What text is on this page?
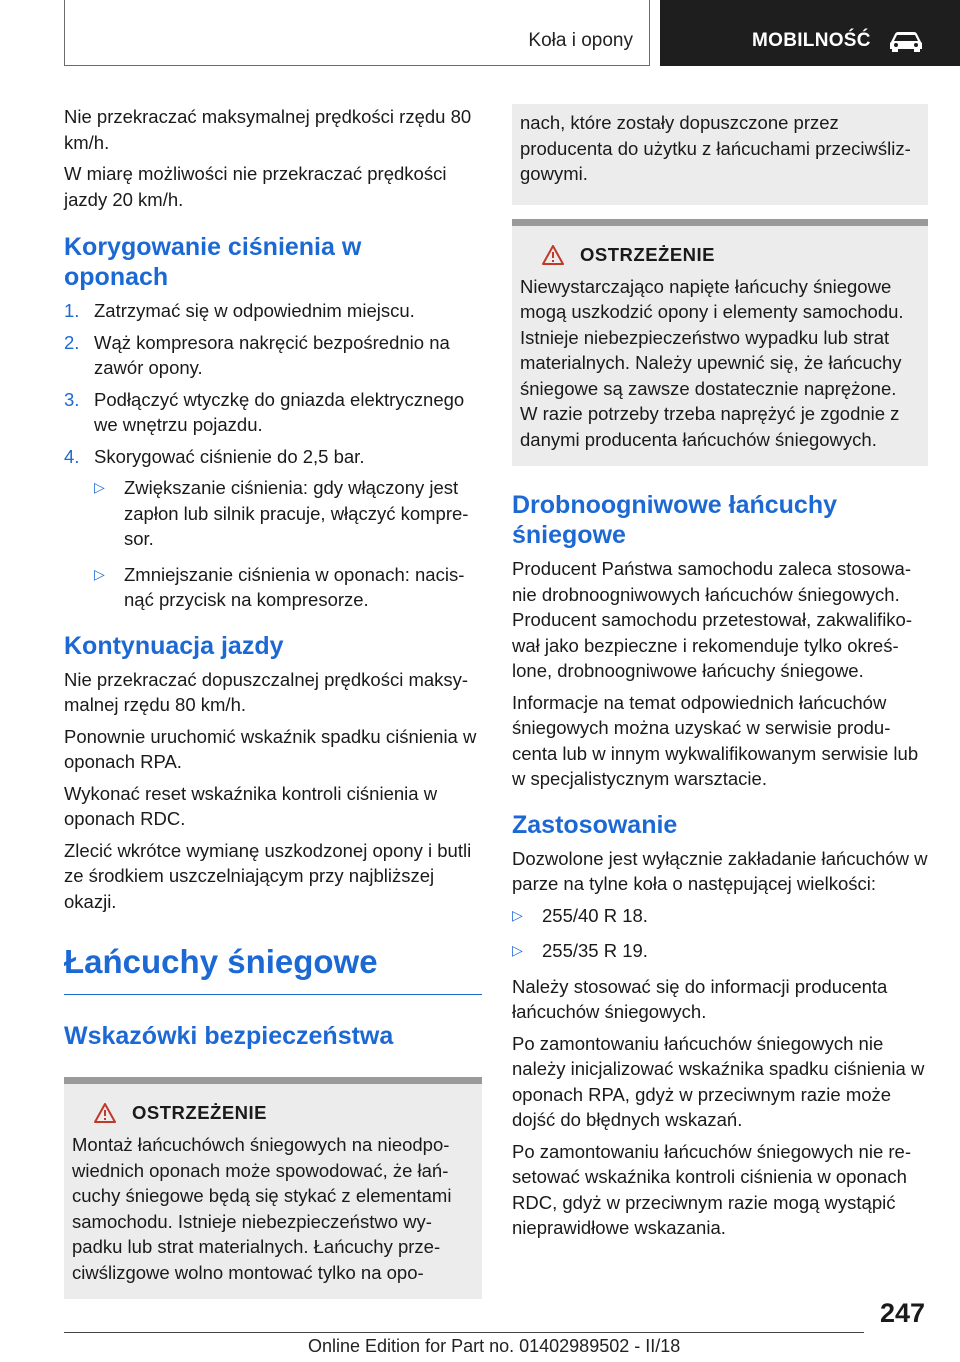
Koła i opony	MOBILNOŚĆ

Nie przekraczać maksymalnej prędkości rzędu 80 km/h.

W miarę możliwości nie przekraczać prędkości jazdy 20 km/h.

Korygowanie ciśnienia w oponach
1. Zatrzymać się w odpowiednim miejscu.
2. Wąż kompresora nakręcić bezpośrednio na zawór opony.
3. Podłączyć wtyczkę do gniazda elektrycznego we wnętrzu pojazdu.
4. Skorygować ciśnienie do 2,5 bar.
▷ Zwiększanie ciśnienia: gdy włączony jest zapłon lub silnik pracuje, włączyć kompre-sor.
▷ Zmniejszanie ciśnienia w oponach: nacis-nąć przycisk na kompresorze.
Kontynuacja jazdy

Nie przekraczać dopuszczalnej prędkości maksy-malnej rzędu 80 km/h.

Ponownie uruchomić wskaźnik spadku ciśnienia w oponach RPA.

Wykonać reset wskaźnika kontroli ciśnienia w oponach RDC.

Zlecić wkrótce wymianę uszkodzonej opony i butli ze środkiem uszczelniającym przy najbliższej okazji.

Łańcuchy śniegowe
Wskazówki bezpieczeństwa
OSTRZEŻENIE
Montaż łańcuchówch śniegowych na nieodpo-wiednich oponach może spowodować, że łań-cuchy śniegowe będą się stykać z elementami samochodu. Istnieje niebezpieczeństwo wy-padku lub strat materialnych. Łańcuchy prze-ciwślizgowe wolno montować tylko na opo-
nach, które zostały dopuszczone przez producenta do użytku z łańcuchami przeciwśliz-gowymi.
OSTRZEŻENIE
Niewystarczająco napięte łańcuchy śniegowe mogą uszkodzić opony i elementy samochodu. Istnieje niebezpieczeństwo wypadku lub strat materialnych. Należy upewnić się, że łańcuchy śniegowe są zawsze dostatecznie naprężone. W razie potrzeby trzeba naprężyć je zgodnie z danymi producenta łańcuchów śniegowych.
Drobnoogniwowe łańcuchy śniegowe

Producent Państwa samochodu zaleca stosowa-nie drobnoogniwowych łańcuchów śniegowych. Producent samochodu przetestował, zakwalifiko-wał jako bezpieczne i rekomenduje tylko okreś-lone, drobnoogniwowe łańcuchy śniegowe.

Informacje na temat odpowiednich łańcuchów śniegowych można uzyskać w serwisie produ-centa lub w innym wykwalifikowanym serwisie lub w specjalistycznym warsztacie.

Zastosowanie

Dozwolone jest wyłącznie zakładanie łańcuchów w parze na tylne koła o następującej wielkości:

▷ 255/40 R 18.
▷ 255/35 R 19.

Należy stosować się do informacji producenta łańcuchów śniegowych.

Po zamontowaniu łańcuchów śniegowych nie należy inicjalizować wskaźnika spadku ciśnienia w oponach RPA, gdyż w przeciwnym razie może dojść do błędnych wskazań.

Po zamontowaniu łańcuchów śniegowych nie re-setować wskaźnika kontroli ciśnienia w oponach RDC, gdyż w przeciwnym razie mogą wystąpić nieprawidłowe wskazania.

247
Online Edition for Part no. 01402989502 - II/18
